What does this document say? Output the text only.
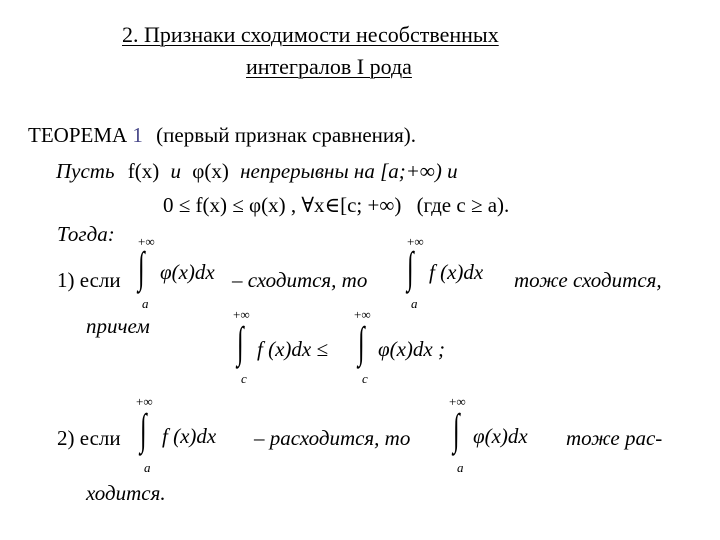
2. Признаки сходимости несобственных
интегралов I рода
ТЕОРЕМА 1 (первый признак сравнения).
Пусть f(x) и φ(x) непрерывны на [a;+∞) и
0 ≤ f(x) ≤ φ(x) , ∀x∈[c; +∞) (где c ≥ a).
Тогда:
1) если
+∞
∫
a
φ(x)dx – сходится, то
+∞
∫
a
f (x)dx тоже сходится,
причем	+∞
∫
c
f (x)dx ≤
+∞
∫
c
φ(x)dx ;
2) если
+∞
∫
a
f (x)dx – расходится, то
+∞
∫
a
φ(x)dx тоже рас-
ходится.
